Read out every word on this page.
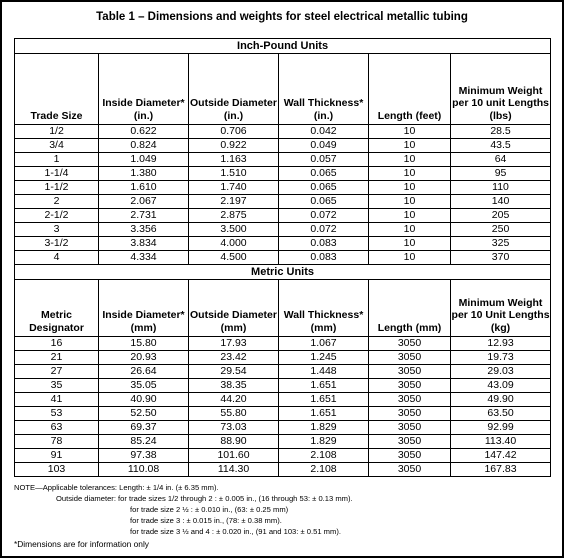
Table 1 – Dimensions and weights for steel electrical metallic tubing
Inch-Pound Units					
Trade Size	Inside Diameter* (in.)	Outside Diameter (in.)	Wall Thickness* (in.)	Length (feet)	Minimum Weight per 10 unit Lengths (lbs)
1/2	0.622	0.706	0.042	10	28.5
3/4	0.824	0.922	0.049	10	43.5
1	1.049	1.163	0.057	10	64
1-1/4	1.380	1.510	0.065	10	95
1-1/2	1.610	1.740	0.065	10	110
2	2.067	2.197	0.065	10	140
2-1/2	2.731	2.875	0.072	10	205
3	3.356	3.500	0.072	10	250
3-1/2	3.834	4.000	0.083	10	325
4	4.334	4.500	0.083	10	370
Metric Units					
Metric Designator	Inside Diameter* (mm)	Outside Diameter (mm)	Wall Thickness* (mm)	Length (mm)	Minimum Weight per 10 Unit Lengths (kg)
16	15.80	17.93	1.067	3050	12.93
21	20.93	23.42	1.245	3050	19.73
27	26.64	29.54	1.448	3050	29.03
35	35.05	38.35	1.651	3050	43.09
41	40.90	44.20	1.651	3050	49.90
53	52.50	55.80	1.651	3050	63.50
63	69.37	73.03	1.829	3050	92.99
78	85.24	88.90	1.829	3050	113.40
91	97.38	101.60	2.108	3050	147.42
103	110.08	114.30	2.108	3050	167.83
NOTE—Applicable tolerances: Length: ± 1/4 in. (± 6.35 mm).
Outside diameter: for trade sizes 1/2 through 2 : ± 0.005 in., (16 through 53: ± 0.13 mm).
for trade size 2 ½ : ± 0.010 in., (63: ± 0.25 mm)
for trade size 3 : ± 0.015 in., (78: ± 0.38 mm).
for trade size 3 ½ and 4 : ± 0.020 in., (91 and 103: ± 0.51 mm).
*Dimensions are for information only
